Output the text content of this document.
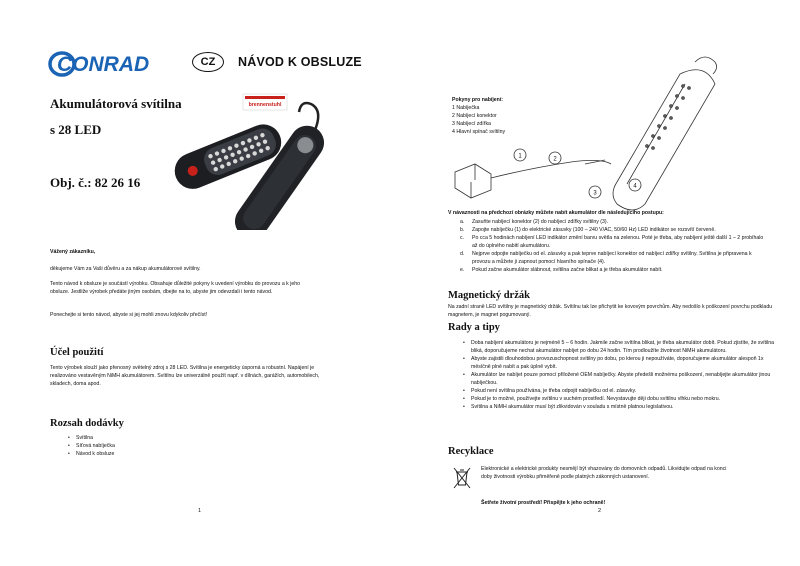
CONRAD	CZ NÁVOD K OBSLUZE
Akumulátorová svítilna
s 28 LED
Obj. č.: 82 26 16
brennenstuhl
Vážený zákazníku,
děkujeme Vám za Vaši důvěru a za nákup akumulátorové svítilny.
Tento návod k obsluze je součástí výrobku. Obsahuje důležité pokyny k uvedení výrobku do provozu a k jeho obsluze. Jestliže výrobek předáte jiným osobám, dbejte na to, abyste jim odevzdali i tento návod.
Ponechejte si tento návod, abyste si jej mohli znovu kdykoliv přečíst!
Účel použití
Tento výrobek slouží jako přenosný světelný zdroj s 28 LED. Svítilna je energeticky úsporná a robustní. Napájení je realizováno vestavěným NiMH akumulátorem. Svítilnu lze univerzálně použít např. v dílnách, garážích, automobilech, skladech, doma apod.
Rozsah dodávky
• Svítilna
• Síťová nabíječka
• Návod k obsluze
1
1	2
3
4
Pokyny pro nabíjení:
1 Nabíječka
2 Nabíjecí konektor
3 Nabíjecí zdířka
4 Hlavní spínač svítilny
V návaznosti na předchozí obrázky můžete nabít akumulátor dle následujícího postupu:
a.	Zasuňte nabíjecí konektor (2) do nabíjecí zdířky svítilny (3).
b.	Zapojte nabíječku (1) do elektrické zásuvky (100 – 240 V/AC, 50/60 Hz) LED indikátor se rozsvítí červeně.
c.	Po cca 5 hodinách nabíjení LED indikátor změní barvu světla na zelenou. Poté je třeba, aby nabíjení ještě další 1 – 2 probíhalo až do úplného nabití akumulátoru.
d.	Nejprve odpojte nabíječku od el. zásuvky a pak teprve nabíjecí konektor od nabíjecí zdířky svítilny. Svítilna je připravena k provozu a můžete ji zapnout pomocí hlavního spínače (4).
e.	Pokud začne akumulátor slábnout, svítilna začne blikat a je třeba akumulátor nabít.
Magnetický držák
Na zadní straně LED svítilny je magnetický držák. Svítilnu tak lze přichytit ke kovovým povrchům. Aby nedošlo k poškození povrchu podkladu magnetem, je magnet pogumovaný.
Rady a tipy
• Doba nabíjení akumulátoru je nejméně 5 – 6 hodin. Jakmile začne svítilna blikat, je třeba akumulátor dobít. Pokud zjistíte, že svítilna bliká, doporučujeme nechat akumulátor nabíjet po dobu 24 hodin. Tím prodloužíte životnost NiMH akumulátoru.
• Abyste zajistili dlouhodobou provozuschopnost svítilny po dobu, po kterou ji nepoužíváte, doporučujeme akumulátor alespoň 1x měsíčně plně nabít a pak úplně vybít.
• Akumulátor lze nabíjet pouze pomocí přiložené OEM nabíječky. Abyste předešli možnému poškození, nenabíjejte akumulátor jinou nabíječkou.
• Pokud není svítilna používána, je třeba odpojit nabíječku od el. zásuvky.
• Pokud je to možné, používejte svítilnu v suchém prostředí. Nevystavujte ději dobu svítilnu vlhku nebo mokru.
• Svítilna a NiMH akumulátor musí být zlikvidován v souladu s místně platnou legislativou.
Recyklace
Elektronické a elektrické produkty nesmějí být vhazovány do domovních odpadů. Likvidujte odpad na konci doby životnosti výrobku přiměřeně podle platných zákonných ustanovení.
Šetřete životní prostředí! Přispějte k jeho ochraně!
2
